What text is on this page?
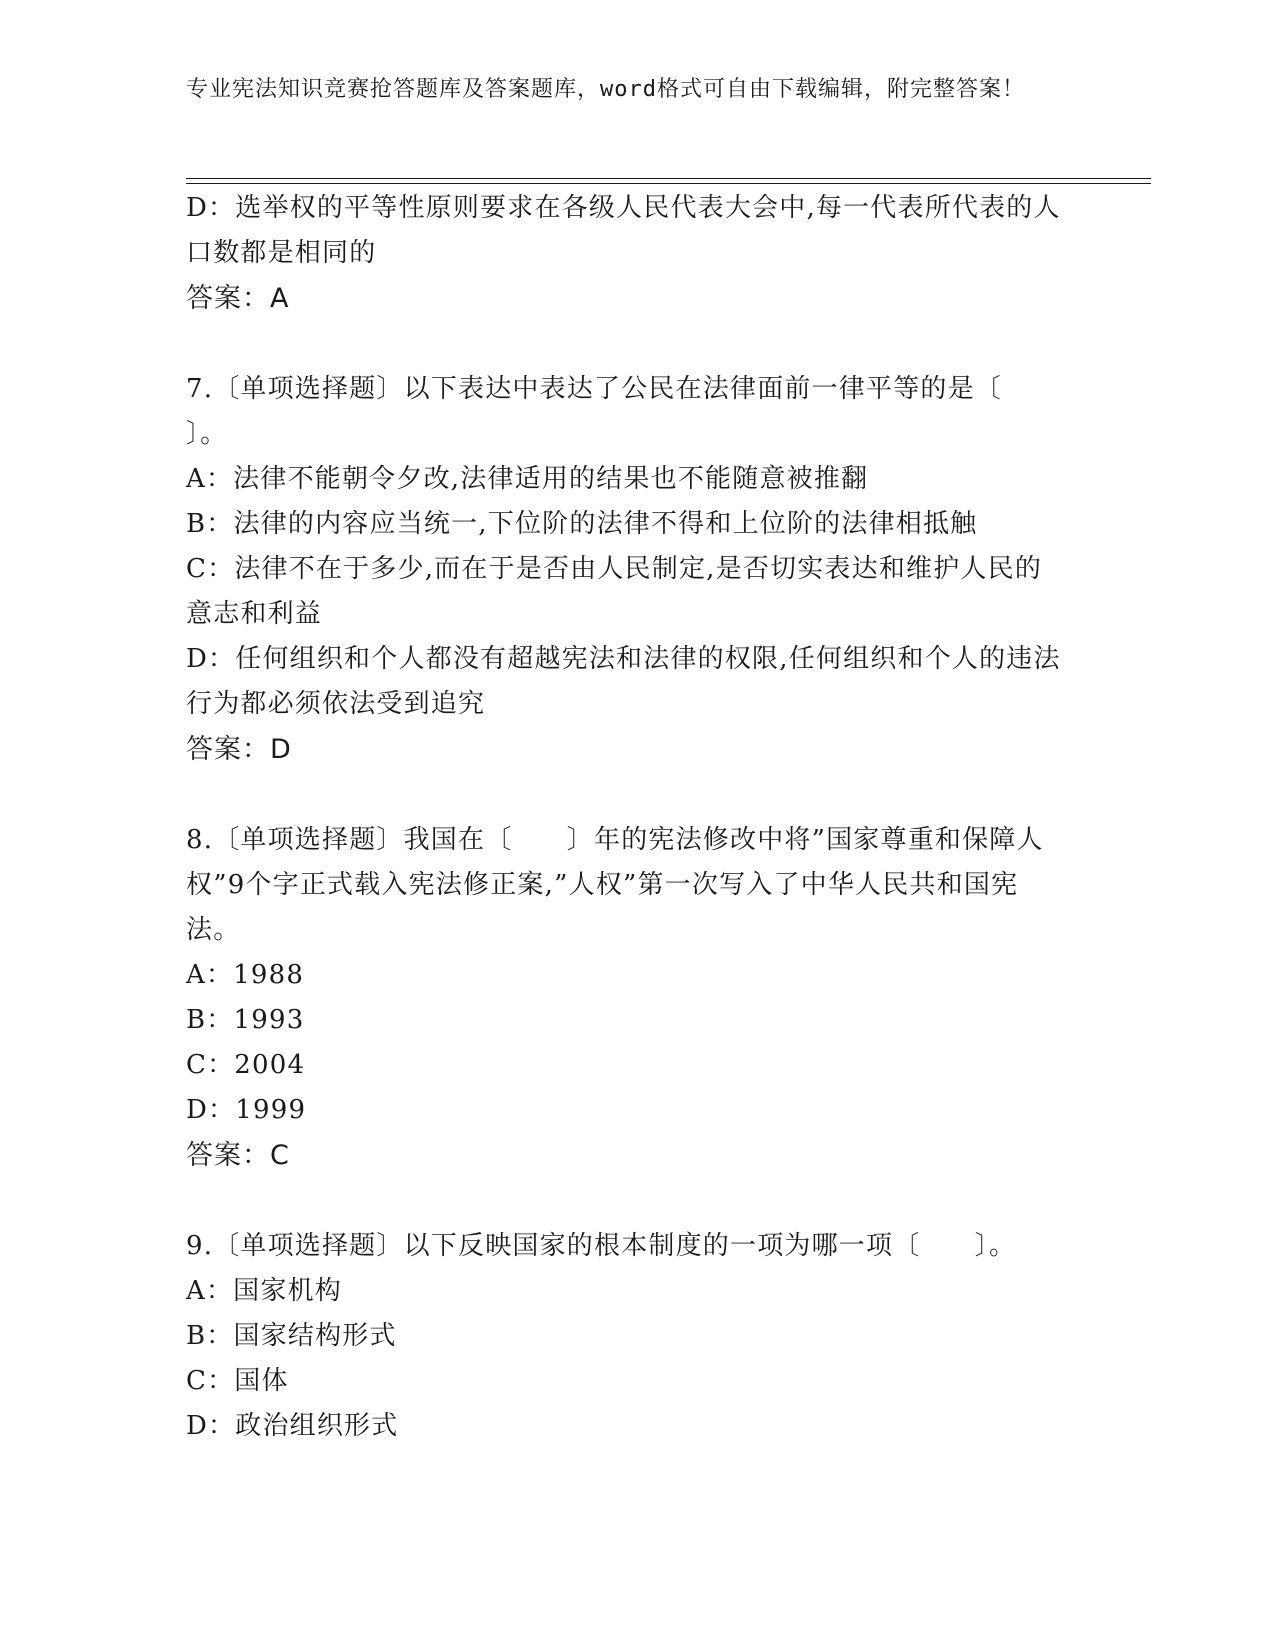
专业宪法知识竞赛抢答题库及答案题库，word格式可自由下载编辑，附完整答案！

D：选举权的平等性原则要求在各级人民代表大会中,每一代表所代表的人口数都是相同的

答案：A

7.〔单项选择题〕以下表达中表达了公民在法律面前一律平等的是〔　　〕。

A：法律不能朝令夕改,法律适用的结果也不能随意被推翻

B：法律的内容应当统一,下位阶的法律不得和上位阶的法律相抵触

C：法律不在于多少,而在于是否由人民制定,是否切实表达和维护人民的意志和利益

D：任何组织和个人都没有超越宪法和法律的权限,任何组织和个人的违法行为都必须依法受到追究

答案：D

8.〔单项选择题〕我国在〔　　〕年的宪法修改中将”国家尊重和保障人权”9个字正式载入宪法修正案,”人权”第一次写入了中华人民共和国宪法。

A：1988

B：1993

C：2004

D：1999

答案：C

9.〔单项选择题〕以下反映国家的根本制度的一项为哪一项〔　　〕。

A：国家机构

B：国家结构形式

C：国体

D：政治组织形式
